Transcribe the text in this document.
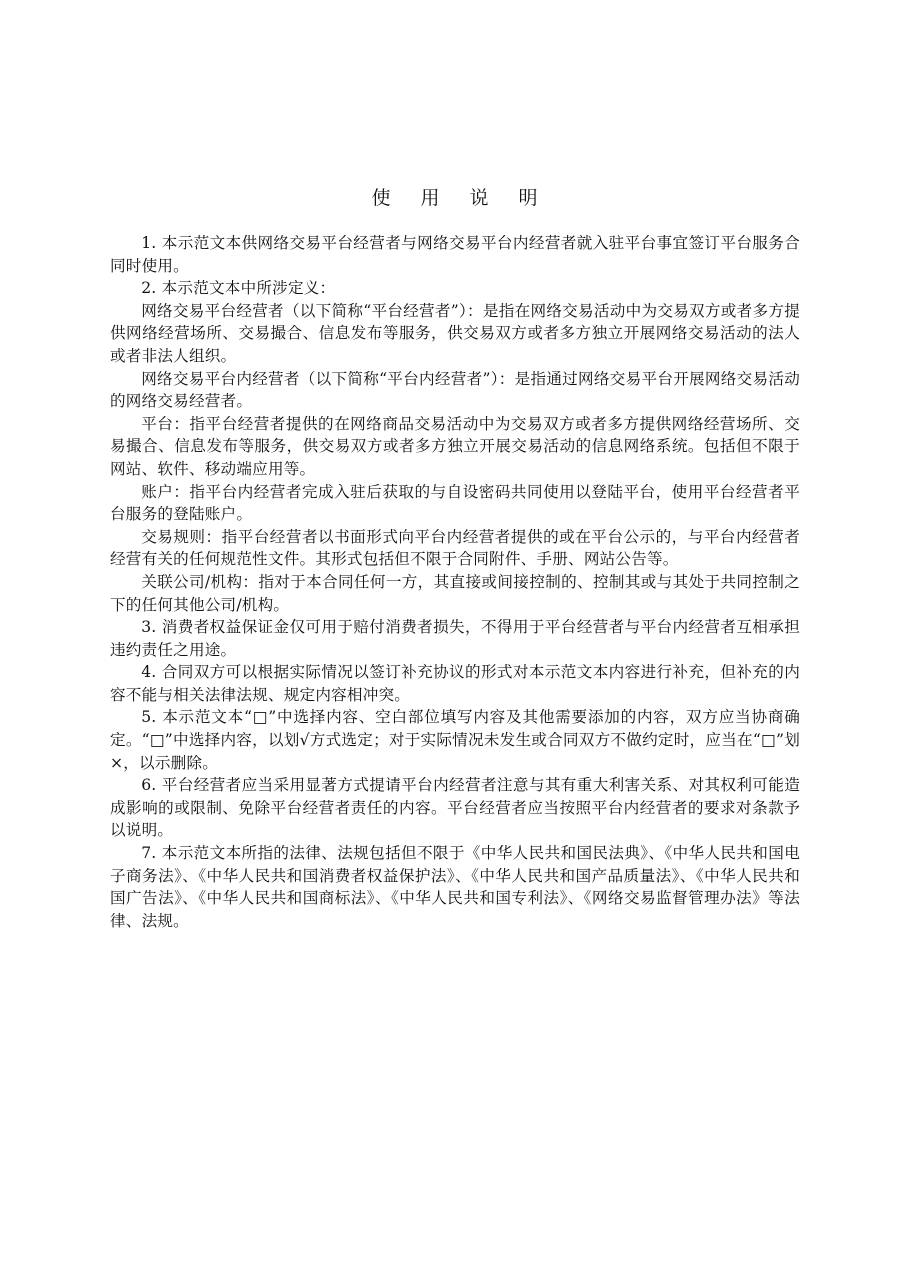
使 用 说 明

1. 本示范文本供网络交易平台经营者与网络交易平台内经营者就入驻平台事宜签订平台服务合同时使用。

2. 本示范文本中所涉定义：

网络交易平台经营者（以下简称“平台经营者”）：是指在网络交易活动中为交易双方或者多方提供网络经营场所、交易撮合、信息发布等服务，供交易双方或者多方独立开展网络交易活动的法人或者非法人组织。

网络交易平台内经营者（以下简称“平台内经营者”）：是指通过网络交易平台开展网络交易活动的网络交易经营者。

平台：指平台经营者提供的在网络商品交易活动中为交易双方或者多方提供网络经营场所、交易撮合、信息发布等服务，供交易双方或者多方独立开展交易活动的信息网络系统。包括但不限于网站、软件、移动端应用等。

账户：指平台内经营者完成入驻后获取的与自设密码共同使用以登陆平台，使用平台经营者平台服务的登陆账户。

交易规则：指平台经营者以书面形式向平台内经营者提供的或在平台公示的，与平台内经营者经营有关的任何规范性文件。其形式包括但不限于合同附件、手册、网站公告等。

关联公司/机构：指对于本合同任何一方，其直接或间接控制的、控制其或与其处于共同控制之下的任何其他公司/机构。

3. 消费者权益保证金仅可用于赔付消费者损失，不得用于平台经营者与平台内经营者互相承担违约责任之用途。

4. 合同双方可以根据实际情况以签订补充协议的形式对本示范文本内容进行补充，但补充的内容不能与相关法律法规、规定内容相冲突。

5. 本示范文本“□”中选择内容、空白部位填写内容及其他需要添加的内容，双方应当协商确定。“□”中选择内容，以划√方式选定；对于实际情况未发生或合同双方不做约定时，应当在“□”划×，以示删除。

6. 平台经营者应当采用显著方式提请平台内经营者注意与其有重大利害关系、对其权利可能造成影响的或限制、免除平台经营者责任的内容。平台经营者应当按照平台内经营者的要求对条款予以说明。

7. 本示范文本所指的法律、法规包括但不限于《中华人民共和国民法典》、《中华人民共和国电子商务法》、《中华人民共和国消费者权益保护法》、《中华人民共和国产品质量法》、《中华人民共和国广告法》、《中华人民共和国商标法》、《中华人民共和国专利法》、《网络交易监督管理办法》等法律、法规。
